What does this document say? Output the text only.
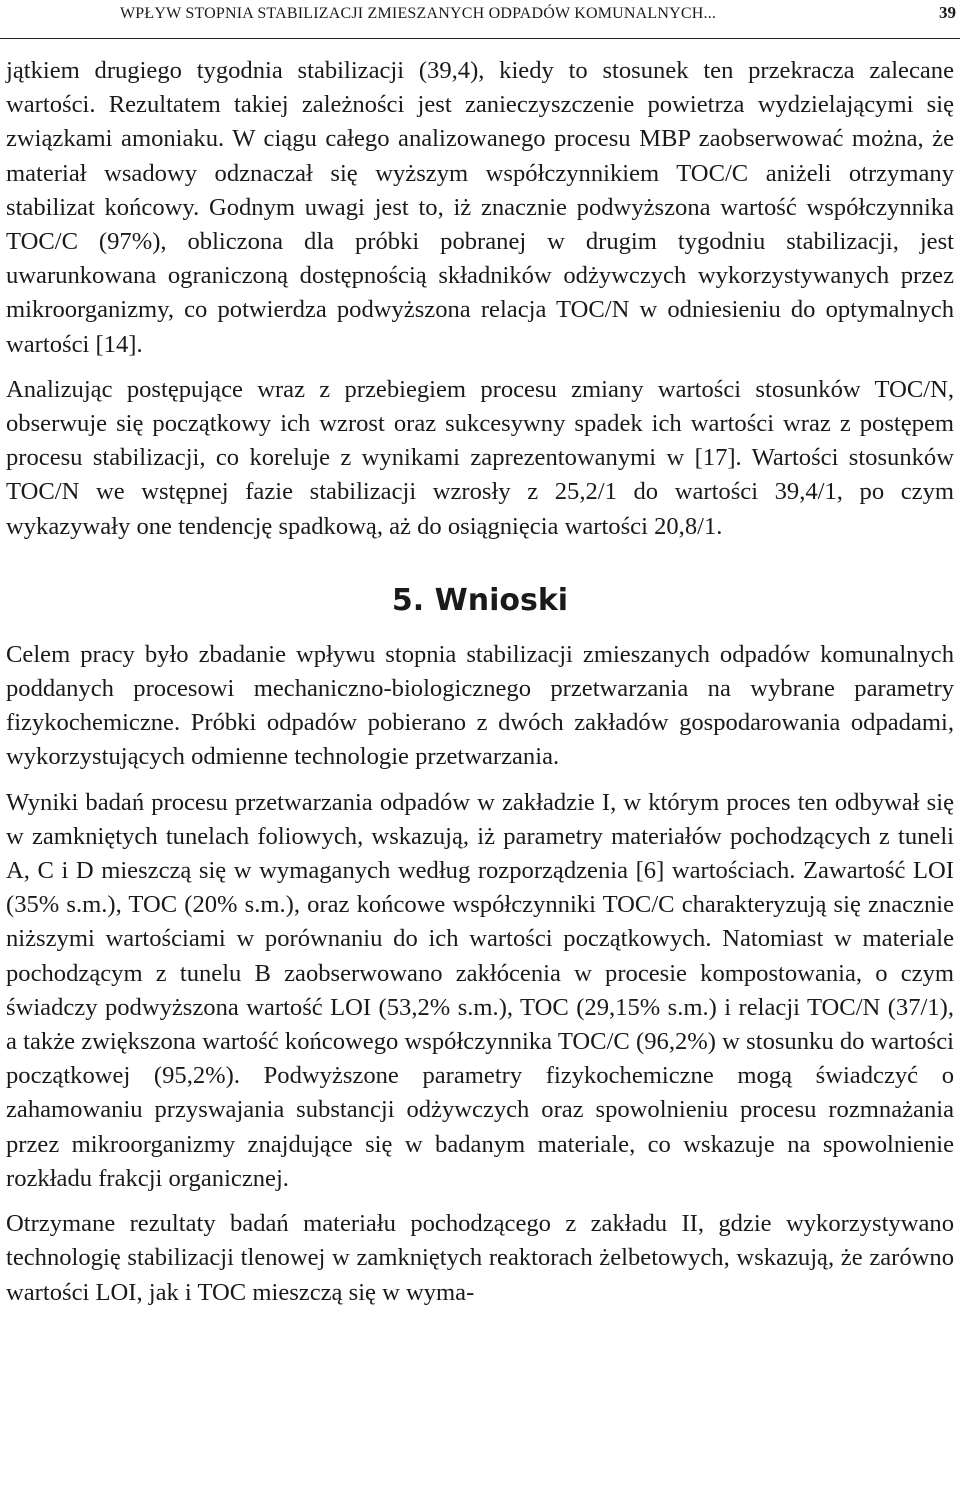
WPŁYW STOPNIA STABILIZACJI ZMIESZANYCH ODPADÓW KOMUNALNYCH...	39

jątkiem drugiego tygodnia stabilizacji (39,4), kiedy to stosunek ten przekracza zalecane wartości. Rezultatem takiej zależności jest zanieczyszczenie powietrza wydzielającymi się związkami amoniaku. W ciągu całego analizowanego procesu MBP zaobserwować można, że materiał wsadowy odznaczał się wyższym współczynnikiem TOC/C aniżeli otrzymany stabilizat końcowy. Godnym uwagi jest to, iż znacznie podwyższona wartość współczynnika TOC/C (97%), obliczona dla próbki pobranej w drugim tygodniu stabilizacji, jest uwarunkowana ograniczoną dostępnością składników odżywczych wykorzystywanych przez mikroorganizmy, co potwierdza podwyższona relacja TOC/N w odniesieniu do optymalnych wartości [14].

Analizując postępujące wraz z przebiegiem procesu zmiany wartości stosunków TOC/N, obserwuje się początkowy ich wzrost oraz sukcesywny spadek ich wartości wraz z postępem procesu stabilizacji, co koreluje z wynikami zaprezentowanymi w [17]. Wartości stosunków TOC/N we wstępnej fazie stabilizacji wzrosły z 25,2/1 do wartości 39,4/1, po czym wykazywały one tendencję spadkową, aż do osiągnięcia wartości 20,8/1.

5. Wnioski

Celem pracy było zbadanie wpływu stopnia stabilizacji zmieszanych odpadów komunalnych poddanych procesowi mechaniczno-biologicznego przetwarzania na wybrane parametry fizykochemiczne. Próbki odpadów pobierano z dwóch zakładów gospodarowania odpadami, wykorzystujących odmienne technologie przetwarzania.

Wyniki badań procesu przetwarzania odpadów w zakładzie I, w którym proces ten odbywał się w zamkniętych tunelach foliowych, wskazują, iż parametry materiałów pochodzących z tuneli A, C i D mieszczą się w wymaganych według rozporządzenia [6] wartościach. Zawartość LOI (35% s.m.), TOC (20% s.m.), oraz końcowe współczynniki TOC/C charakteryzują się znacznie niższymi wartościami w porównaniu do ich wartości początkowych. Natomiast w materiale pochodzącym z tunelu B zaobserwowano zakłócenia w procesie kompostowania, o czym świadczy podwyższona wartość LOI (53,2% s.m.), TOC (29,15% s.m.) i relacji TOC/N (37/1), a także zwiększona wartość końcowego współczynnika TOC/C (96,2%) w stosunku do wartości początkowej (95,2%). Podwyższone parametry fizykochemiczne mogą świadczyć o zahamowaniu przyswajania substancji odżywczych oraz spowolnieniu procesu rozmnażania przez mikroorganizmy znajdujące się w badanym materiale, co wskazuje na spowolnienie rozkładu frakcji organicznej.

Otrzymane rezultaty badań materiału pochodzącego z zakładu II, gdzie wykorzystywano technologię stabilizacji tlenowej w zamkniętych reaktorach żelbetowych, wskazują, że zarówno wartości LOI, jak i TOC mieszczą się w wyma-
